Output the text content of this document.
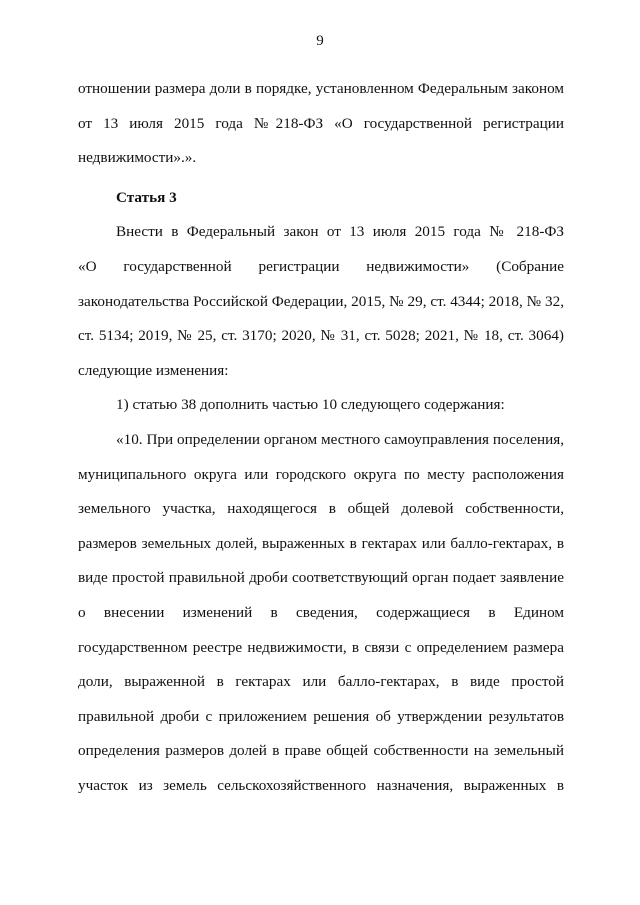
9

отношении размера доли в порядке, установленном Федеральным законом

от 13 июля 2015 года №218-ФЗ «О государственной регистрации

недвижимости».».

Статья 3

Внести в Федеральный закон от 13 июля 2015 года № 218-ФЗ

«О государственной регистрации недвижимости» (Собрание

законодательства Российской Федерации, 2015, № 29, ст. 4344; 2018, № 32,

ст. 5134; 2019, № 25, ст. 3170; 2020, № 31, ст. 5028; 2021, № 18, ст. 3064)

следующие изменения:

1) статью 38 дополнить частью 10 следующего содержания:

«10. При определении органом местного самоуправления поселения,

муниципального округа или городского округа по месту расположения

земельного участка, находящегося в общей долевой собственности,

размеров земельных долей, выраженных в гектарах или балло-гектарах, в

виде простой правильной дроби соответствующий орган подает заявление

о внесении изменений в сведения, содержащиеся в Едином

государственном реестре недвижимости, в связи с определением размера

доли, выраженной в гектарах или балло-гектарах, в виде простой

правильной дроби с приложением решения об утверждении результатов

определения размеров долей в праве общей собственности на земельный

участок из земель сельскохозяйственного назначения, выраженных в
